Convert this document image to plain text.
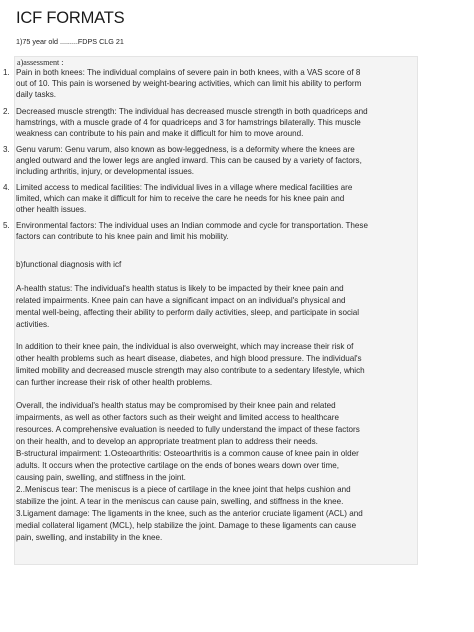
ICF FORMATS
1)75 year old .........FDPS CLG 21
a)assessment :
1. Pain in both knees: The individual complains of severe pain in both knees, with a VAS score of 8
out of 10. This pain is worsened by weight-bearing activities, which can limit his ability to perform
daily tasks.
2. Decreased muscle strength: The individual has decreased muscle strength in both quadriceps and
hamstrings, with a muscle grade of 4 for quadriceps and 3 for hamstrings bilaterally. This muscle
weakness can contribute to his pain and make it difficult for him to move around.
3. Genu varum: Genu varum, also known as bow-leggedness, is a deformity where the knees are
angled outward and the lower legs are angled inward. This can be caused by a variety of factors,
including arthritis, injury, or developmental issues.
4. Limited access to medical facilities: The individual lives in a village where medical facilities are
limited, which can make it difficult for him to receive the care he needs for his knee pain and
other health issues.
5. Environmental factors: The individual uses an Indian commode and cycle for transportation. These
factors can contribute to his knee pain and limit his mobility.
b)functional diagnosis with icf
A-health status: The individual's health status is likely to be impacted by their knee pain and
related impairments. Knee pain can have a significant impact on an individual's physical and
mental well-being, affecting their ability to perform daily activities, sleep, and participate in social
activities.
In addition to their knee pain, the individual is also overweight, which may increase their risk of
other health problems such as heart disease, diabetes, and high blood pressure. The individual's
limited mobility and decreased muscle strength may also contribute to a sedentary lifestyle, which
can further increase their risk of other health problems.
Overall, the individual's health status may be compromised by their knee pain and related
impairments, as well as other factors such as their weight and limited access to healthcare
resources. A comprehensive evaluation is needed to fully understand the impact of these factors
on their health, and to develop an appropriate treatment plan to address their needs.
B-structural impairment: 1.Osteoarthritis: Osteoarthritis is a common cause of knee pain in older
adults. It occurs when the protective cartilage on the ends of bones wears down over time,
causing pain, swelling, and stiffness in the joint.
2..Meniscus tear: The meniscus is a piece of cartilage in the knee joint that helps cushion and
stabilize the joint. A tear in the meniscus can cause pain, swelling, and stiffness in the knee.
3.Ligament damage: The ligaments in the knee, such as the anterior cruciate ligament (ACL) and
medial collateral ligament (MCL), help stabilize the joint. Damage to these ligaments can cause
pain, swelling, and instability in the knee.
